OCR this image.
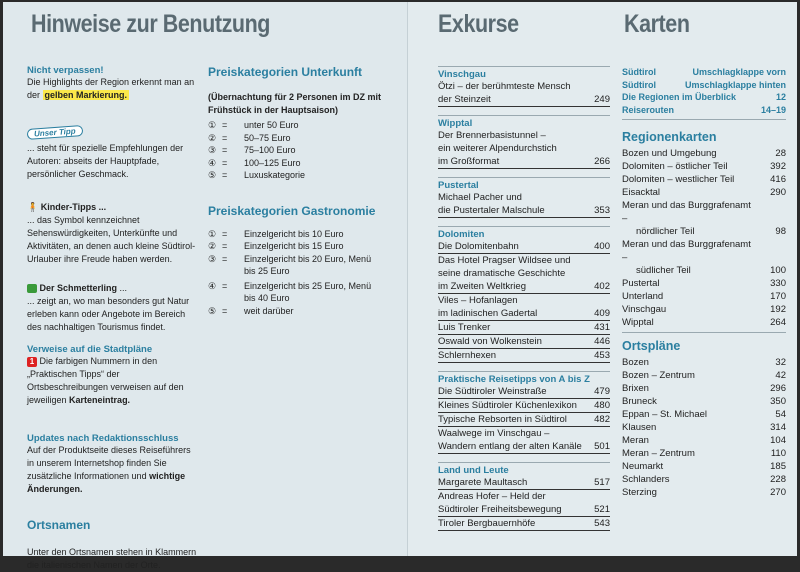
Hinweise zur Benutzung
Nicht verpassen!
Die Highlights der Region erkennt man an der gelben Markierung.
Unser Tipp
... steht für spezielle Empfehlungen der Autoren: abseits der Hauptpfade, persönlicher Geschmack.
🧍 Kinder-Tipps ...
... das Symbol kennzeichnet Sehenswürdigkeiten, Unterkünfte und Aktivitäten, an denen auch kleine Südtirol-Urlauber ihre Freude haben werden.
Der Schmetterling ...
... zeigt an, wo man besonders gut Natur erleben kann oder Angebote im Bereich des nachhaltigen Tourismus findet.
Verweise auf die Stadtpläne
1 Die farbigen Nummern in den „Praktischen Tipps“ der Ortsbeschreibungen verweisen auf den jeweiligen Karteneintrag.
Updates nach Redaktionsschluss
Auf der Produktseite dieses Reiseführers in unserem Internetshop finden Sie zusätzliche Informationen und wichtige Änderungen.
Ortsnamen
Unter den Ortsnamen stehen in Klammern die italienischen Namen der Orte.
Preiskategorien Unterkunft
(Übernachtung für 2 Personen im DZ mit Frühstück in der Hauptsaison)
① =	unter 50 Euro
② =	50–75 Euro
③ =	75–100 Euro
④ =	100–125 Euro
⑤ =	Luxuskategorie
Preiskategorien Gastronomie
① =	Einzelgericht bis 10 Euro
② =	Einzelgericht bis 15 Euro
③ =	Einzelgericht bis 20 Euro, Menü bis 25 Euro
④ =	Einzelgericht bis 25 Euro, Menü bis 40 Euro
⑤ =	weit darüber
Exkurse	Karten
Vinschgau
Ötzi – der berühmteste Mensch
der Steinzeit	249
Wipptal
Der Brennerbasistunnel –
ein weiterer Alpendurchstich
im Großformat	266
Pustertal
Michael Pacher und
die Pustertaler Malschule	353
Dolomiten
Die Dolomitenbahn	400
Das Hotel Pragser Wildsee und
seine dramatische Geschichte
im Zweiten Weltkrieg	402
Viles – Hofanlagen
im ladinischen Gadertal	409
Luis Trenker	431
Oswald von Wolkenstein	446
Schlernhexen	453
Praktische Reisetipps von A bis Z
Die Südtiroler Weinstraße	479
Kleines Südtiroler Küchenlexikon	480
Typische Rebsorten in Südtirol	482
Waalwege im Vinschgau –
Wandern entlang der alten Kanäle	501
Land und Leute
Margarete Maultasch	517
Andreas Hofer – Held der
Südtiroler Freiheitsbewegung	521
Tiroler Bergbauernhöfe	543
Südtirol	Umschlagklappe vorn
Südtirol	Umschlagklappe hinten
Die Regionen im Überblick	12
Reiserouten	14–19
Regionenkarten
Bozen und Umgebung	28
Dolomiten – östlicher Teil	392
Dolomiten – westlicher Teil	416
Eisacktal	290
Meran und das Burggrafenamt –
nördlicher Teil	98
Meran und das Burggrafenamt –
südlicher Teil	100
Pustertal	330
Unterland	170
Vinschgau	192
Wipptal	264
Ortspläne
Bozen	32
Bozen – Zentrum	42
Brixen	296
Bruneck	350
Eppan – St. Michael	54
Klausen	314
Meran	104
Meran – Zentrum	110
Neumarkt	185
Schlanders	228
Sterzing	270
